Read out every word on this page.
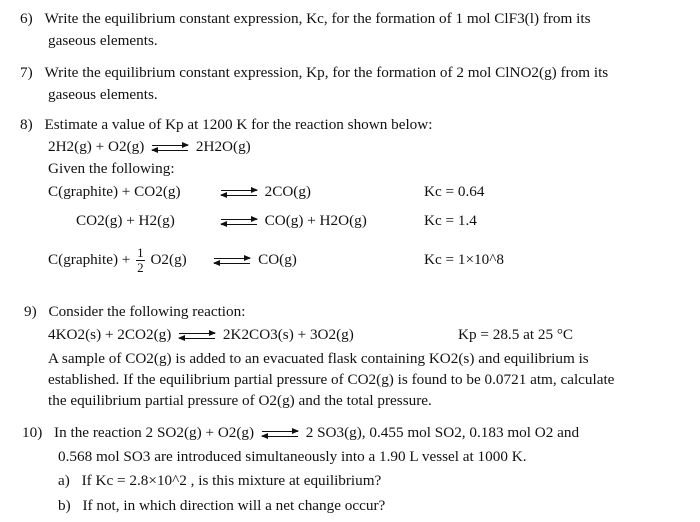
6) Write the equilibrium constant expression, Kc, for the formation of 1 mol ClF3(l) from its
gaseous elements.
7) Write the equilibrium constant expression, Kp, for the formation of 2 mol ClNO2(g) from its
gaseous elements.
8) Estimate a value of Kp at 1200 K for the reaction shown below:
2H2(g) + O2(g) ⇌ 2H2O(g)
Given the following:
C(graphite) + CO2(g)	⇌ 2CO(g)	Kc = 0.64
CO2(g) + H2(g)	⇌ CO(g) + H2O(g)	Kc = 1.4
C(graphite) + $\frac{1}{2} O2(g)$ ⇌ CO(g)	Kc = 1×10^8
9) Consider the following reaction:
4KO2(s) + 2CO2(g) ⇌ 2K2CO3(s) + 3O2(g)	Kp = 28.5 at 25 °C
A sample of CO2(g) is added to an evacuated flask containing KO2(s) and equilibrium is
established. If the equilibrium partial pressure of CO2(g) is found to be 0.0721 atm, calculate
the equilibrium partial pressure of O2(g) and the total pressure.
10) In the reaction 2 SO2(g) + O2(g) ⇌ 2 SO3(g), 0.455 mol SO2, 0.183 mol O2 and
0.568 mol SO3 are introduced simultaneously into a 1.90 L vessel at 1000 K.
a) If Kc = 2.8×10^2 , is this mixture at equilibrium?
b) If not, in which direction will a net change occur?
